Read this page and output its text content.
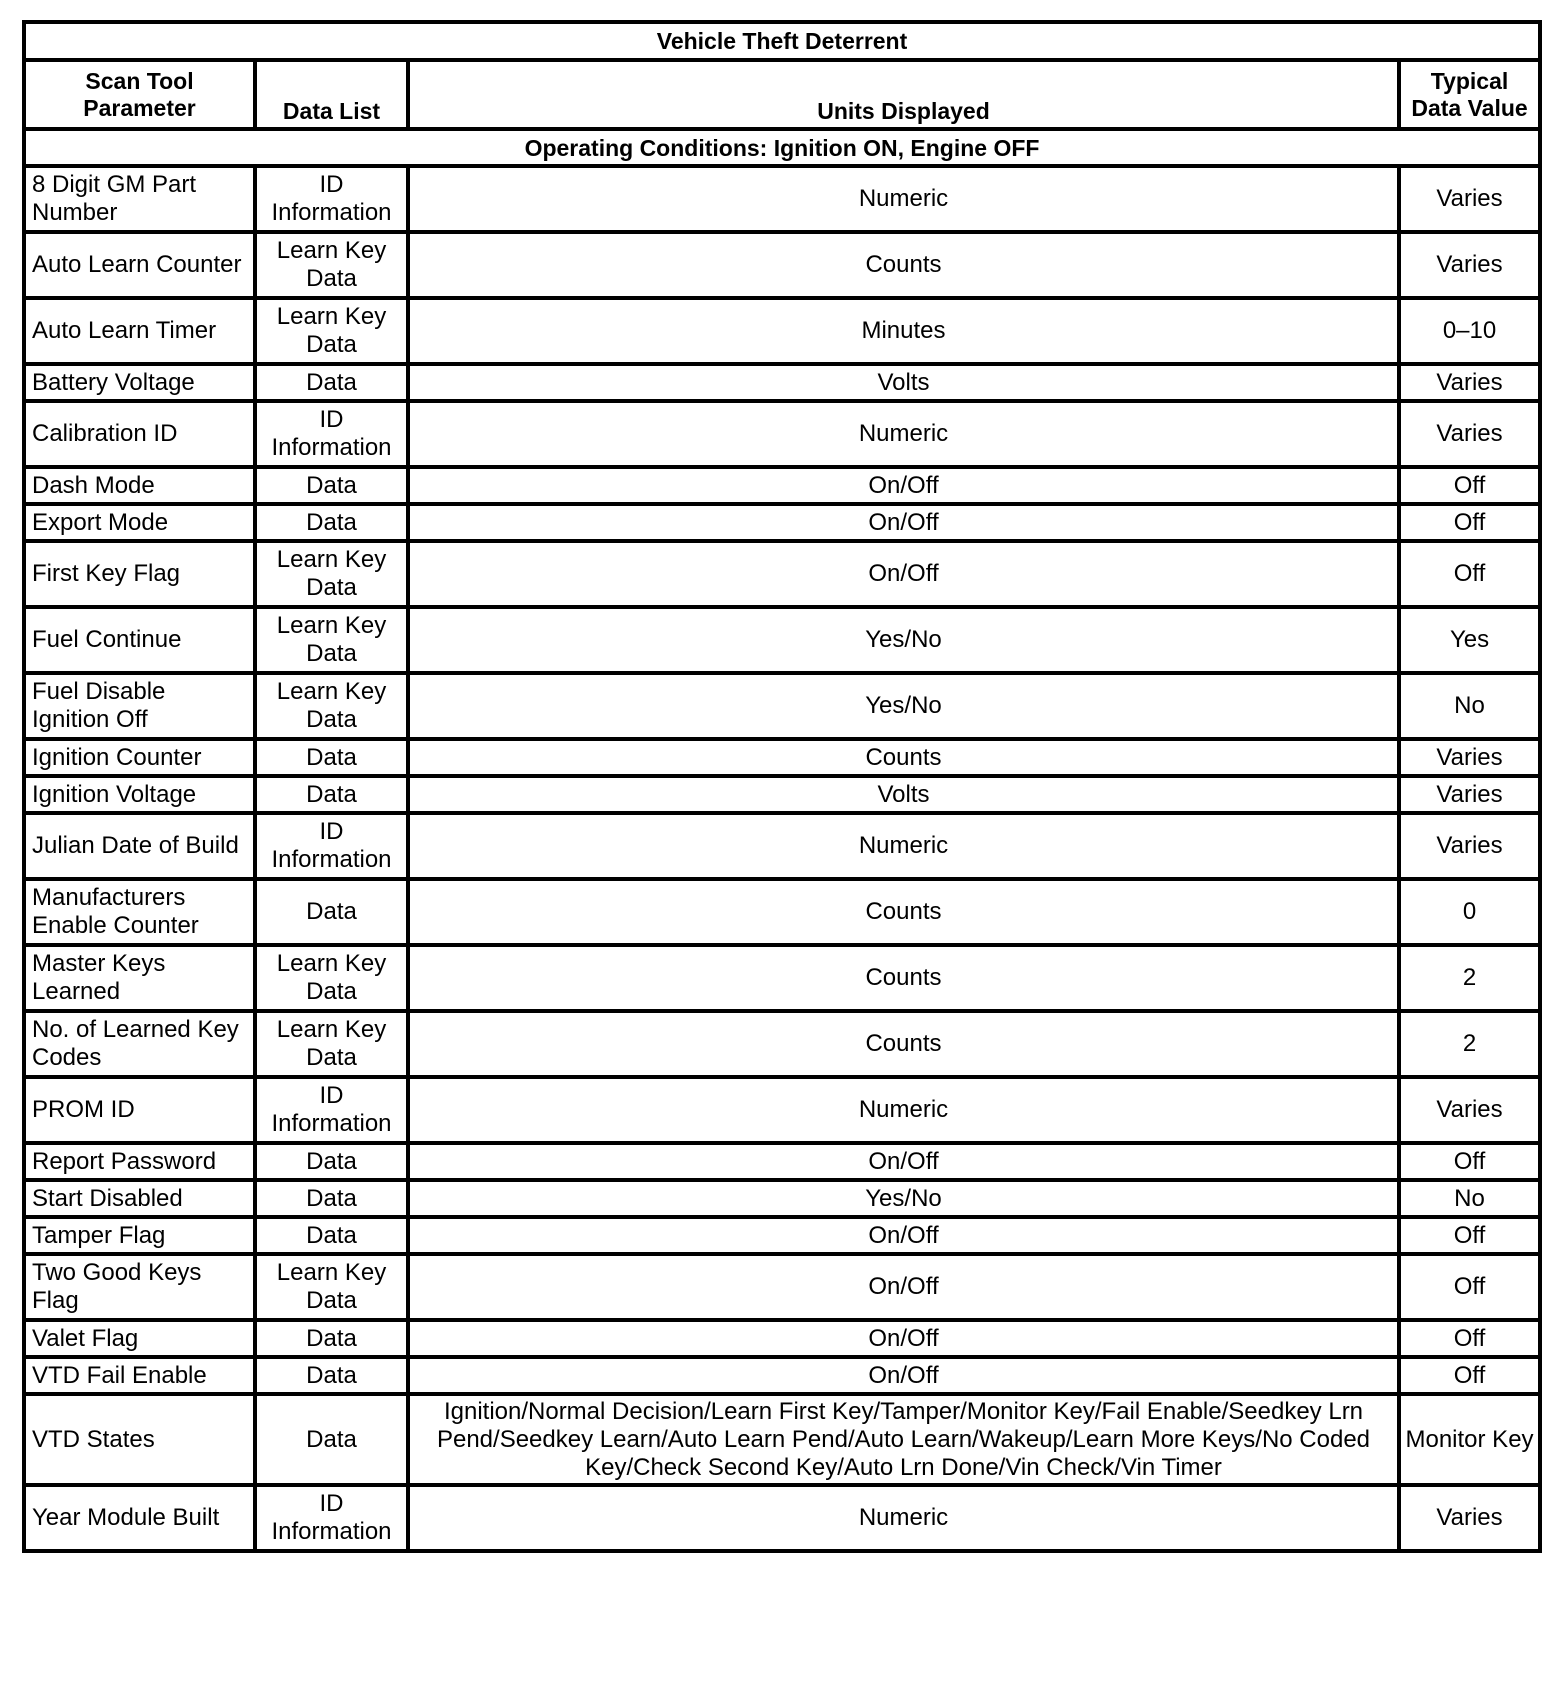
Vehicle Theft Deterrent			
Scan Tool Parameter	Data List	Units Displayed	Typical Data Value
Operating Conditions: Ignition ON, Engine OFF			
8 Digit GM Part Number	ID Information	Numeric	Varies
Auto Learn Counter	Learn Key Data	Counts	Varies
Auto Learn Timer	Learn Key Data	Minutes	0–10
Battery Voltage	Data	Volts	Varies
Calibration ID	ID Information	Numeric	Varies
Dash Mode	Data	On/Off	Off
Export Mode	Data	On/Off	Off
First Key Flag	Learn Key Data	On/Off	Off
Fuel Continue	Learn Key Data	Yes/No	Yes
Fuel Disable Ignition Off	Learn Key Data	Yes/No	No
Ignition Counter	Data	Counts	Varies
Ignition Voltage	Data	Volts	Varies
Julian Date of Build	ID Information	Numeric	Varies
Manufacturers Enable Counter	Data	Counts	0
Master Keys Learned	Learn Key Data	Counts	2
No. of Learned Key Codes	Learn Key Data	Counts	2
PROM ID	ID Information	Numeric	Varies
Report Password	Data	On/Off	Off
Start Disabled	Data	Yes/No	No
Tamper Flag	Data	On/Off	Off
Two Good Keys Flag	Learn Key Data	On/Off	Off
Valet Flag	Data	On/Off	Off
VTD Fail Enable	Data	On/Off	Off
VTD States	Data	Ignition/Normal Decision/Learn First Key/Tamper/Monitor Key/Fail Enable/Seedkey Lrn Pend/Seedkey Learn/Auto Learn Pend/Auto Learn/Wakeup/Learn More Keys/No Coded Key/Check Second Key/Auto Lrn Done/Vin Check/Vin Timer	Monitor Key
Year Module Built	ID Information	Numeric	Varies
